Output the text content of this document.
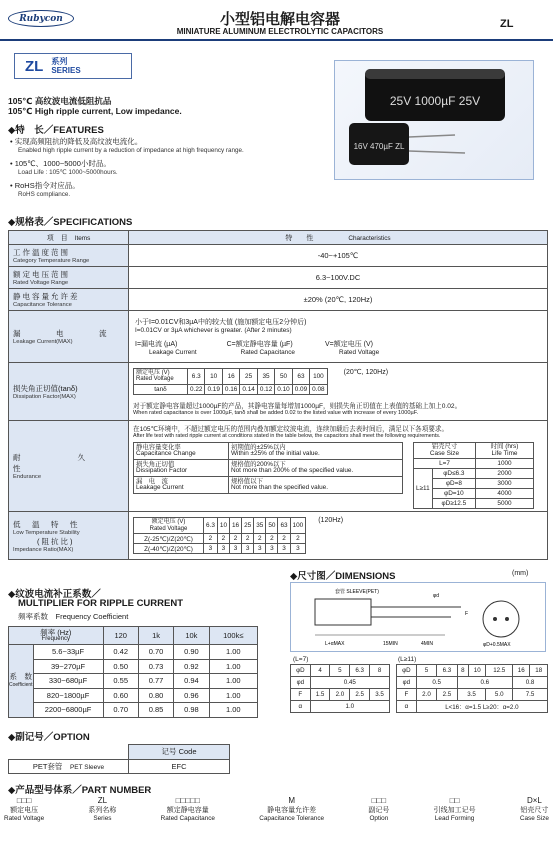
Rubycon	小型铝电解电容器
MINIATURE ALUMINUM ELECTROLYTIC CAPACITORS
ZL
ZL 系列
SERIES
25V 1000µF 25V
16V 470µF ZL
105℃ 高纹波电流低阻抗品
105℃ High ripple current, Low impedance.
◆特　长／FEATURES
• 实现高频阻抗的降低及高纹波电流化。
Enabled high ripple current by a reduction of impedance at high frequency range.
• 105℃、1000~5000小时品。
Load Life : 105℃ 1000~5000hours.
• RoHS指令对应品。
RoHS compliance.
◆规格表／SPECIFICATIONS
项　目　 Items	特　　性　　　　　	Characteristics

工作温度范围
Category Temperature Range
	-40~+105℃

额定电压范围
Rated Voltage Range
	6.3~100V.DC

静电容量允许差
Capacitance Tolerance
	±20% (20℃, 120Hz)

漏　电　流
Leakage Current(MAX)

小于I=0.01CV和3µA中的较大值 (施加额定电压2分钟后)
I=0.01CV or 3µA whichever is greater. (After 2 minutes)
I=漏电流 (µA)
Leakage Current
C=额定静电容量 (µF)
Rated Capacitance
V=额定电压 (V)
Rated Voltage

损失角正切值(tanδ)
Dissipation Factor(MAX)

额定电压 (V)
Rated Voltage	6.3	10	16	25	35	50	63	100
tanδ	0.22	0.19	0.16	0.14	0.12	0.10	0.09	0.08
(20℃, 120Hz)
对于额定静电容量超过1000µF的产品，其静电容量每增加1000µF，则损失角正切值在上表值的基础上加上0.02。
When rated capacitance is over 1000µF, tanδ shall be added 0.02 to the listed value with increase of every 1000µF.

耐　　久　　性
Endurance

在105℃环境中，不超过额定电压的范围内叠加额定纹波电流，连续加载后去表时间后，满足以下各项要求。
After life test with rated ripple current at conditions stated in the table below, the capacitors shall meet the following requirements.
静电容量变化率
Capacitance Change

初期值的±25%以内
Within ±25% of the initial value.

损失角正切值
Dissipation Factor

规格值的200%以下
Not more than 200% of the specified value.

漏　电　流
Leakage Current

规格值以下
Not more than the specified value.
铝壳尺寸
Case Size

时间 (hrs)
Life Time

L=7	1000
L≥11	φD≤6.3	2000
φD=8	3000
φD=10	4000
φD≥12.5	5000

低　温　特　性
Low Temperature Stability
(阻抗比)
Impedance Ratio(MAX)

额定电压 (V)
Rated Voltage	6.3	10	16	25	35	50	63	100
Z(-25℃)/Z(20℃)	2	2	2	2	2	2	2	2
Z(-40℃)/Z(20℃)	3	3	3	3	3	3	3	3
(120Hz)
◆纹波电流补正系数／
MULTIPLIER FOR RIPPLE CURRENT
频率系数　Frequency Coefficient
频率 (Hz)
Frequency		120	1k	10k	100k≤

系　数
Coefficient	5.6~33µF	0.42	0.70	0.90	1.00
	39~270µF	0.50	0.73	0.92	1.00
	330~680µF	0.55	0.77	0.94	1.00
	820~1800µF	0.60	0.80	0.96	1.00
	2200~6800µF	0.70	0.85	0.98	1.00
◆尺寸图／DIMENSIONS	(mm)
套管 SLEEVE(PET)
L+αMAX	15MIN	4MIN	φD+0.5MAX
φd
F
(L=7)
φD	4	5	6.3	8
φd	0.45			
F	1.5	2.0	2.5	3.5
α	1.0			
(L≥11)
φD	5	6.3	8	10	12.5	16	18
φd	0.5		0.6			0.8	
F	2.0	2.5	3.5		5.0	7.5	
α	L<16：α=1.5 L≥20：α=2.0						
◆副记号／OPTION
	记号 Code
PET套管　 PET Sleeve	EFC
◆产品型号体系／PART NUMBER
□□□
额定电压
Rated Voltage
ZL
系列名称
Series
□□□□□
额定静电容量
Rated Capacitance
M
静电容量允许差
Capacitance Tolerance
□□□
副记号
Option
□□
引线加工记号
Lead Forming
D×L
铝壳尺寸
Case Size
